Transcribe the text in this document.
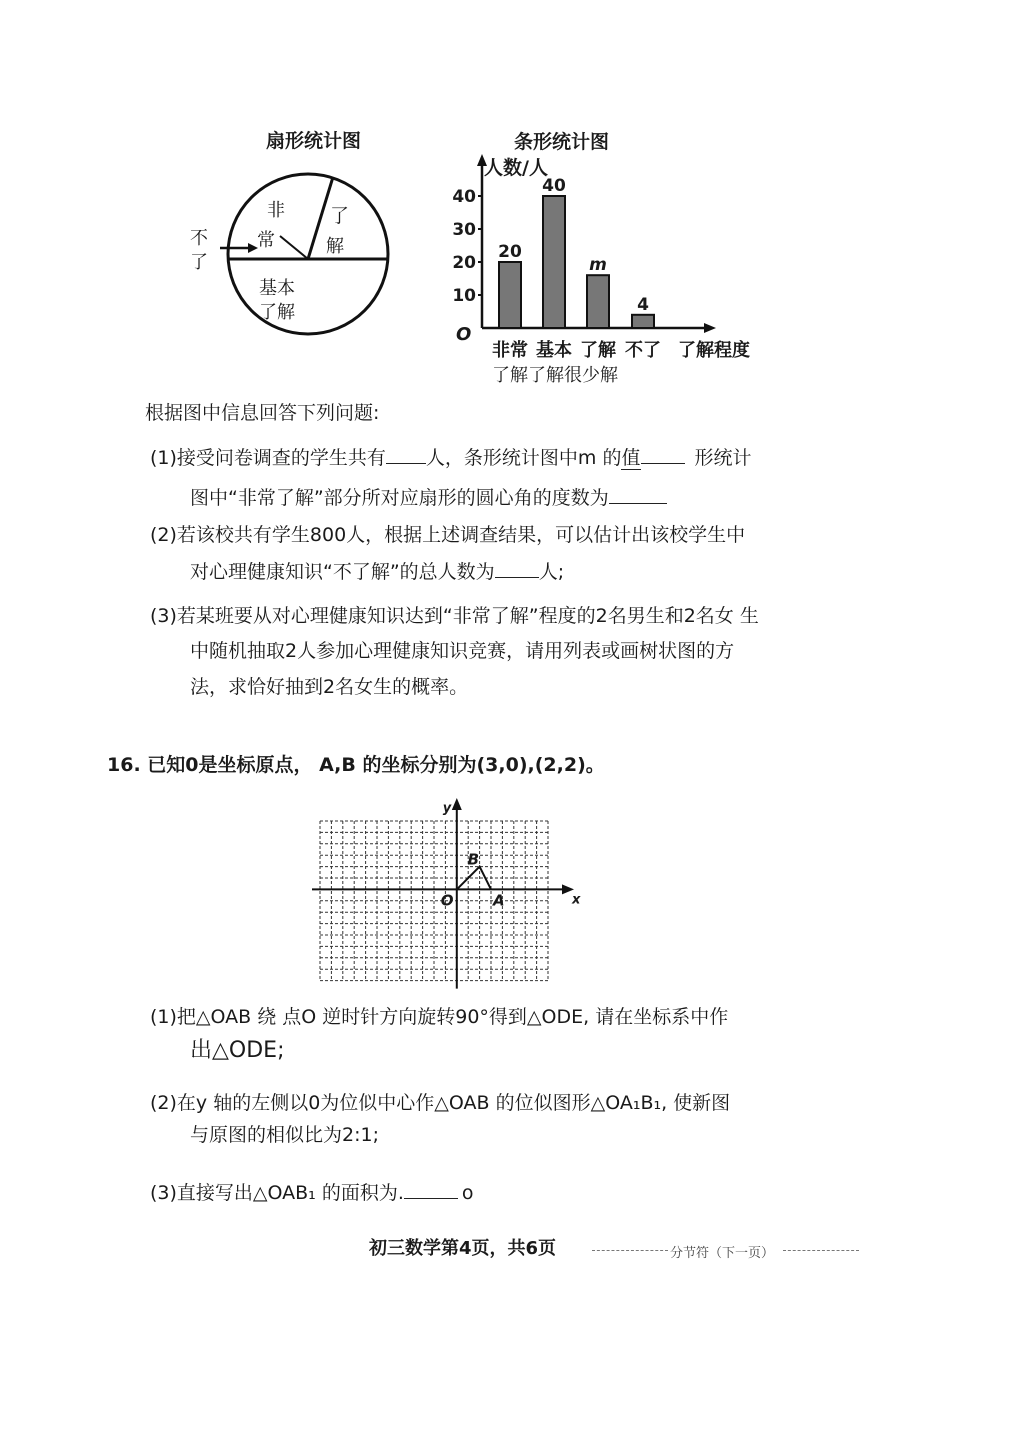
扇形统计图
非
常
了
解
不
了
基本
了解
条形统计图
人数/人
O
10
20
30
40
20
非常
40
基本
m
了解
4
不了 了解程度
了解了解很少解
根据图中信息回答下列问题:
(1)接受问卷调查的学生共有 人，条形统计图中m 的值	形统计
图中“非常了解”部分所对应扇形的圆心角的度数为
(2)若该校共有学生800人，根据上述调查结果，可以估计出该校学生中
对心理健康知识“不了解”的总人数为 人;
(3)若某班要从对心理健康知识达到“非常了解”程度的2名男生和2名女 生
中随机抽取2人参加心理健康知识竞赛，请用列表或画树状图的方
法，求恰好抽到2名女生的概率。
16. 已知0是坐标原点， A,B 的坐标分别为(3,0),(2,2)。
y
x
O	A
B
(1)把△OAB 绕 点O 逆时针方向旋转90°得到△ODE, 请在坐标系中作
出△ODE;
(2)在y 轴的左侧以0为位似中心作△OAB 的位似图形△OA₁B₁, 使新图
与原图的相似比为2:1;
(3)直接写出△OAB₁ 的面积为.	o
初三数学第4页，共6页	分节符（下一页）
